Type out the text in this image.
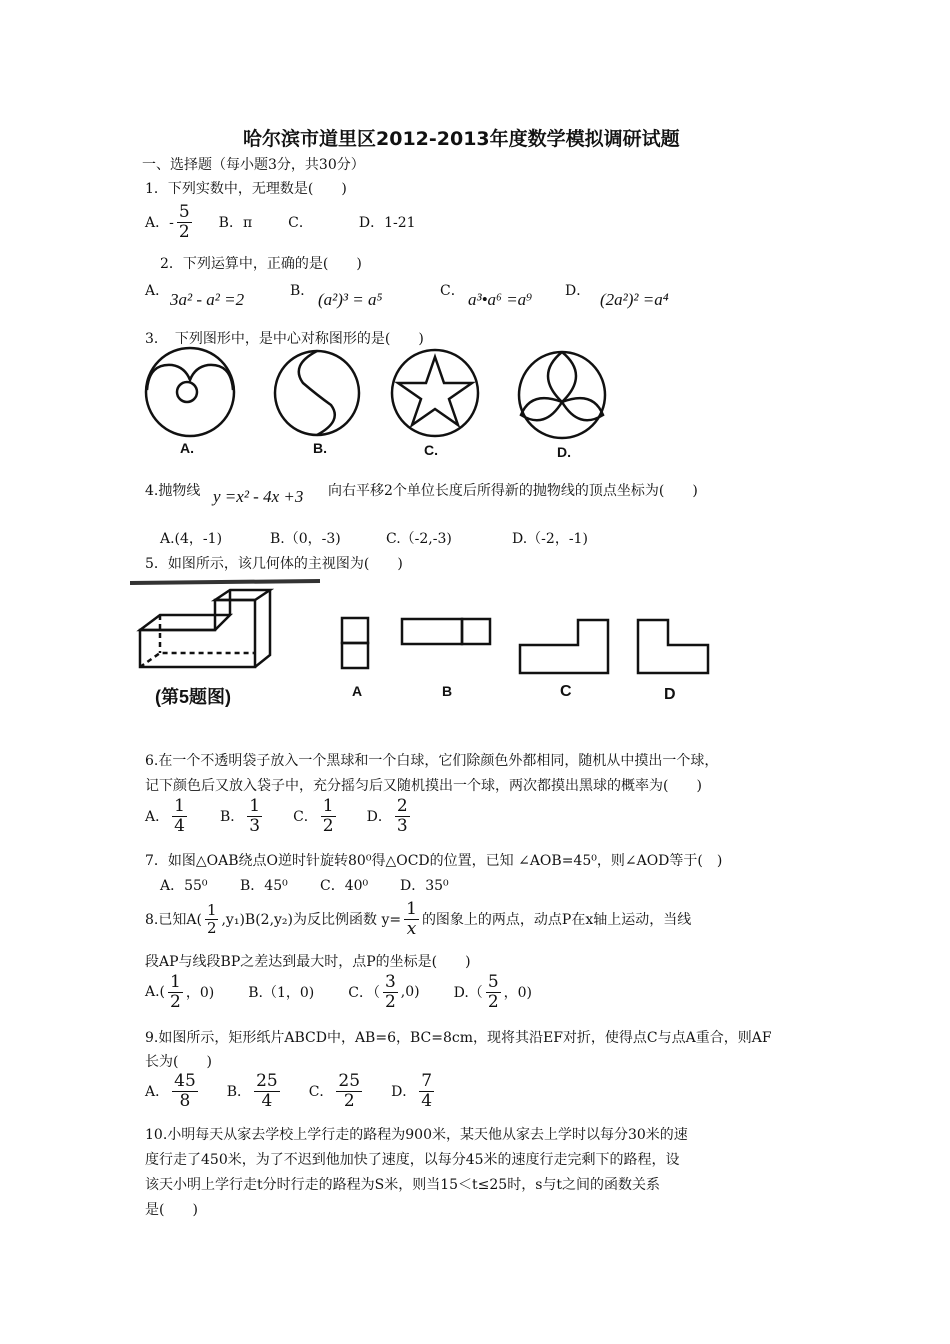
哈尔滨市道里区2012-2013年度数学模拟调研试题
一、选择题（每小题3分，共30分）
1．下列实数中，无理数是(　　)
A．- $\frac{5}{2}$ B．π	C．	D．1-21
2．下列运算中，正确的是(　　)
A． 3a² - a² =2	B． (a²)³ = a⁵	C． a³•a⁶ =a⁹ D． (2a²)² =a⁴
3．　下列图形中，是中心对称图形的是(　　)
A.	B.	C.	D.
4.抛物线 y =x² - 4x +3 向右平移2个单位长度后所得新的抛物线的顶点坐标为(　　)
A.(4，-1)	B.（0，-3)	C.（-2,-3)	D.（-2，-1)
5．如图所示，该几何体的主视图为(　　)
(第5题图)	A	B	C	D
6.在一个不透明袋子放入一个黑球和一个白球，它们除颜色外都相同，随机从中摸出一个球，
记下颜色后又放入袋子中，充分摇匀后又随机摸出一个球，两次都摸出黑球的概率为(　　)
A． $\frac{1}{4}$ B． $\frac{1}{3}$ C． $\frac{1}{2}$ D． $\frac{2}{3}$
7．如图△OAB绕点O逆时针旋转80⁰得△OCD的位置，已知 ∠AOB=45⁰，则∠AOD等于(　)
A．55⁰ B．45⁰ C．40⁰ D．35⁰
8.已知$A( \frac{1}{2} ,y_1)B(2,y_2)$为反比例函数 $y= \frac{1}{x}$ 的图象上的两点，动点P在x轴上运动，当线
段AP与线段BP之差达到最大时，点P的坐标是(　　)
$A.( \frac{1}{2}$ ，0) B.（1，0) C．（ $\frac{3}{2} ,0$) $D.( \frac{5}{2}$ ，0)
9.如图所示，矩形纸片ABCD中，AB=6，BC=8cm，现将其沿EF对折，使得点C与点A重合，则AF
长为(　　)
A． $\frac{45}{8}$ B． $\frac{25}{4}$ C． $\frac{25}{2}$ D． $\frac{7}{4}$
10.小明每天从家去学校上学行走的路程为900米，某天他从家去上学时以每分30米的速
度行走了450米，为了不迟到他加快了速度，以每分45米的速度行走完剩下的路程，设
该天小明上学行走t分时行走的路程为S米，则当15＜t≤25时，s与t之间的函数关系
是(　　)
